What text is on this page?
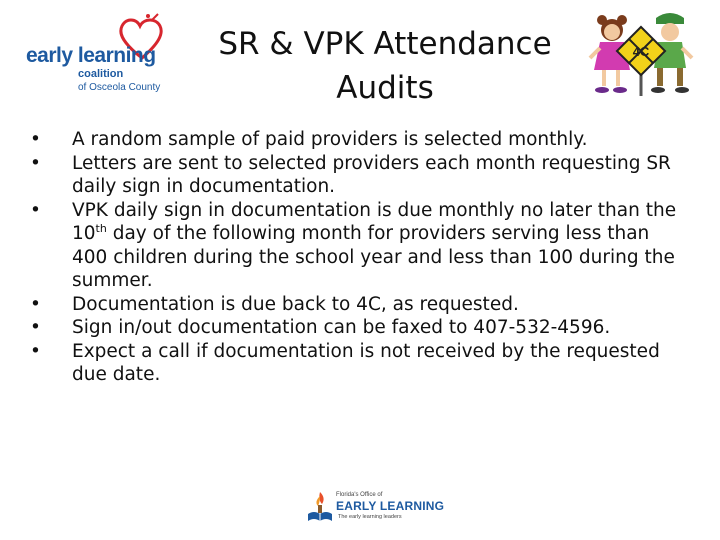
early learning
coalition
of Osceola County
SR & VPK Attendance
Audits
4C
•	A random sample of paid providers is selected monthly.
•	Letters are sent to selected providers each month requesting SR daily sign in documentation.
•	VPK daily sign in documentation is due monthly no later than the 10th day of the following month for providers serving less than 400 children during the school year and less than 100 during the summer.
•	Documentation is due back to 4C, as requested.
•	Sign in/out documentation can be faxed to 407-532-4596.
•	Expect a call if documentation is not received by the requested due date.
Florida's Office of
EARLY LEARNING
The early learning leaders
